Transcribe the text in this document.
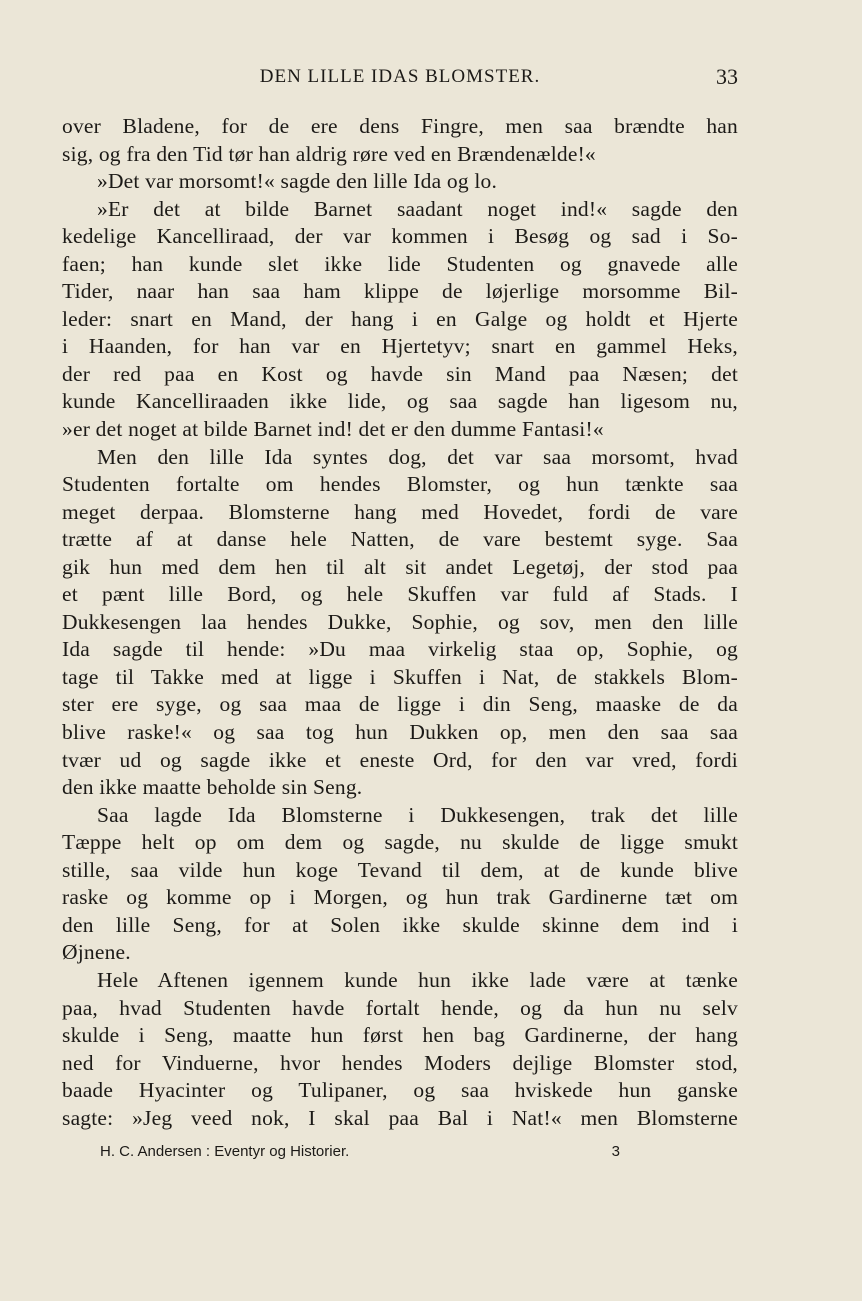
DEN LILLE IDAS BLOMSTER.	33
over Bladene, for de ere dens Fingre, men saa brændte han
sig, og fra den Tid tør han aldrig røre ved en Brændenælde!«
»Det var morsomt!« sagde den lille Ida og lo.
»Er det at bilde Barnet saadant noget ind!« sagde den
kedelige Kancelliraad, der var kommen i Besøg og sad i So-
faen; han kunde slet ikke lide Studenten og gnavede alle
Tider, naar han saa ham klippe de løjerlige morsomme Bil-
leder: snart en Mand, der hang i en Galge og holdt et Hjerte
i Haanden, for han var en Hjertetyv; snart en gammel Heks,
der red paa en Kost og havde sin Mand paa Næsen; det
kunde Kancelliraaden ikke lide, og saa sagde han ligesom nu,
»er det noget at bilde Barnet ind! det er den dumme Fantasi!«
Men den lille Ida syntes dog, det var saa morsomt, hvad
Studenten fortalte om hendes Blomster, og hun tænkte saa
meget derpaa. Blomsterne hang med Hovedet, fordi de vare
trætte af at danse hele Natten, de vare bestemt syge. Saa
gik hun med dem hen til alt sit andet Legetøj, der stod paa
et pænt lille Bord, og hele Skuffen var fuld af Stads. I
Dukkesengen laa hendes Dukke, Sophie, og sov, men den lille
Ida sagde til hende: »Du maa virkelig staa op, Sophie, og
tage til Takke med at ligge i Skuffen i Nat, de stakkels Blom-
ster ere syge, og saa maa de ligge i din Seng, maaske de da
blive raske!« og saa tog hun Dukken op, men den saa saa
tvær ud og sagde ikke et eneste Ord, for den var vred, fordi
den ikke maatte beholde sin Seng.
Saa lagde Ida Blomsterne i Dukkesengen, trak det lille
Tæppe helt op om dem og sagde, nu skulde de ligge smukt
stille, saa vilde hun koge Tevand til dem, at de kunde blive
raske og komme op i Morgen, og hun trak Gardinerne tæt om
den lille Seng, for at Solen ikke skulde skinne dem ind i
Øjnene.
Hele Aftenen igennem kunde hun ikke lade være at tænke
paa, hvad Studenten havde fortalt hende, og da hun nu selv
skulde i Seng, maatte hun først hen bag Gardinerne, der hang
ned for Vinduerne, hvor hendes Moders dejlige Blomster stod,
baade Hyacinter og Tulipaner, og saa hviskede hun ganske
sagte: »Jeg veed nok, I skal paa Bal i Nat!« men Blomsterne
H. C. Andersen : Eventyr og Historier.	3
